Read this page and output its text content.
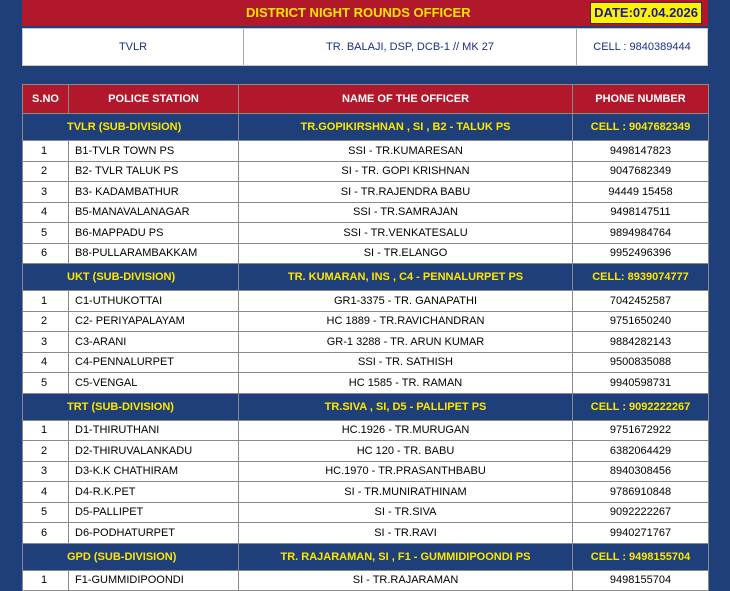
DISTRICT NIGHT ROUNDS OFFICER	DATE:07.04.2026
TVLR	TR. BALAJI, DSP, DCB-1 // MK 27	CELL : 9840389444
S.NO	POLICE STATION	NAME OF THE OFFICER	PHONE NUMBER
TVLR (SUB-DIVISION)		TR.GOPIKIRSHNAN , SI , B2 - TALUK PS	CELL : 9047682349
1	B1-TVLR TOWN PS	SSI - TR.KUMARESAN	9498147823
2	B2- TVLR TALUK PS	SI - TR. GOPI KRISHNAN	9047682349
3	B3- KADAMBATHUR	SI - TR.RAJENDRA BABU	94449 15458
4	B5-MANAVALANAGAR	SSI - TR.SAMRAJAN	9498147511
5	B6-MAPPADU PS	SSI - TR.VENKATESALU	9894984764
6	B8-PULLARAMBAKKAM	SI - TR.ELANGO	9952496396
UKT (SUB-DIVISION)		TR. KUMARAN, INS , C4 - PENNALURPET PS	CELL: 8939074777
1	C1-UTHUKOTTAI	GR1-3375 - TR. GANAPATHI	7042452587
2	C2- PERIYAPALAYAM	HC 1889 - TR.RAVICHANDRAN	9751650240
3	C3-ARANI	GR-1 3288 - TR. ARUN KUMAR	9884282143
4	C4-PENNALURPET	SSI - TR. SATHISH	9500835088
5	C5-VENGAL	HC 1585 - TR. RAMAN	9940598731
TRT (SUB-DIVISION)		TR.SIVA , SI, D5 - PALLIPET PS	CELL : 9092222267
1	D1-THIRUTHANI	HC.1926 - TR.MURUGAN	9751672922
2	D2-THIRUVALANKADU	HC 120 - TR. BABU	6382064429
3	D3-K.K CHATHIRAM	HC.1970 - TR.PRASANTHBABU	8940308456
4	D4-R.K.PET	SI - TR.MUNIRATHINAM	9786910848
5	D5-PALLIPET	SI - TR.SIVA	9092222267
6	D6-PODHATURPET	SI - TR.RAVI	9940271767
GPD (SUB-DIVISION)		TR. RAJARAMAN, SI , F1 - GUMMIDIPOONDI PS	CELL : 9498155704
1	F1-GUMMIDIPOONDI	SI - TR.RAJARAMAN	9498155704
